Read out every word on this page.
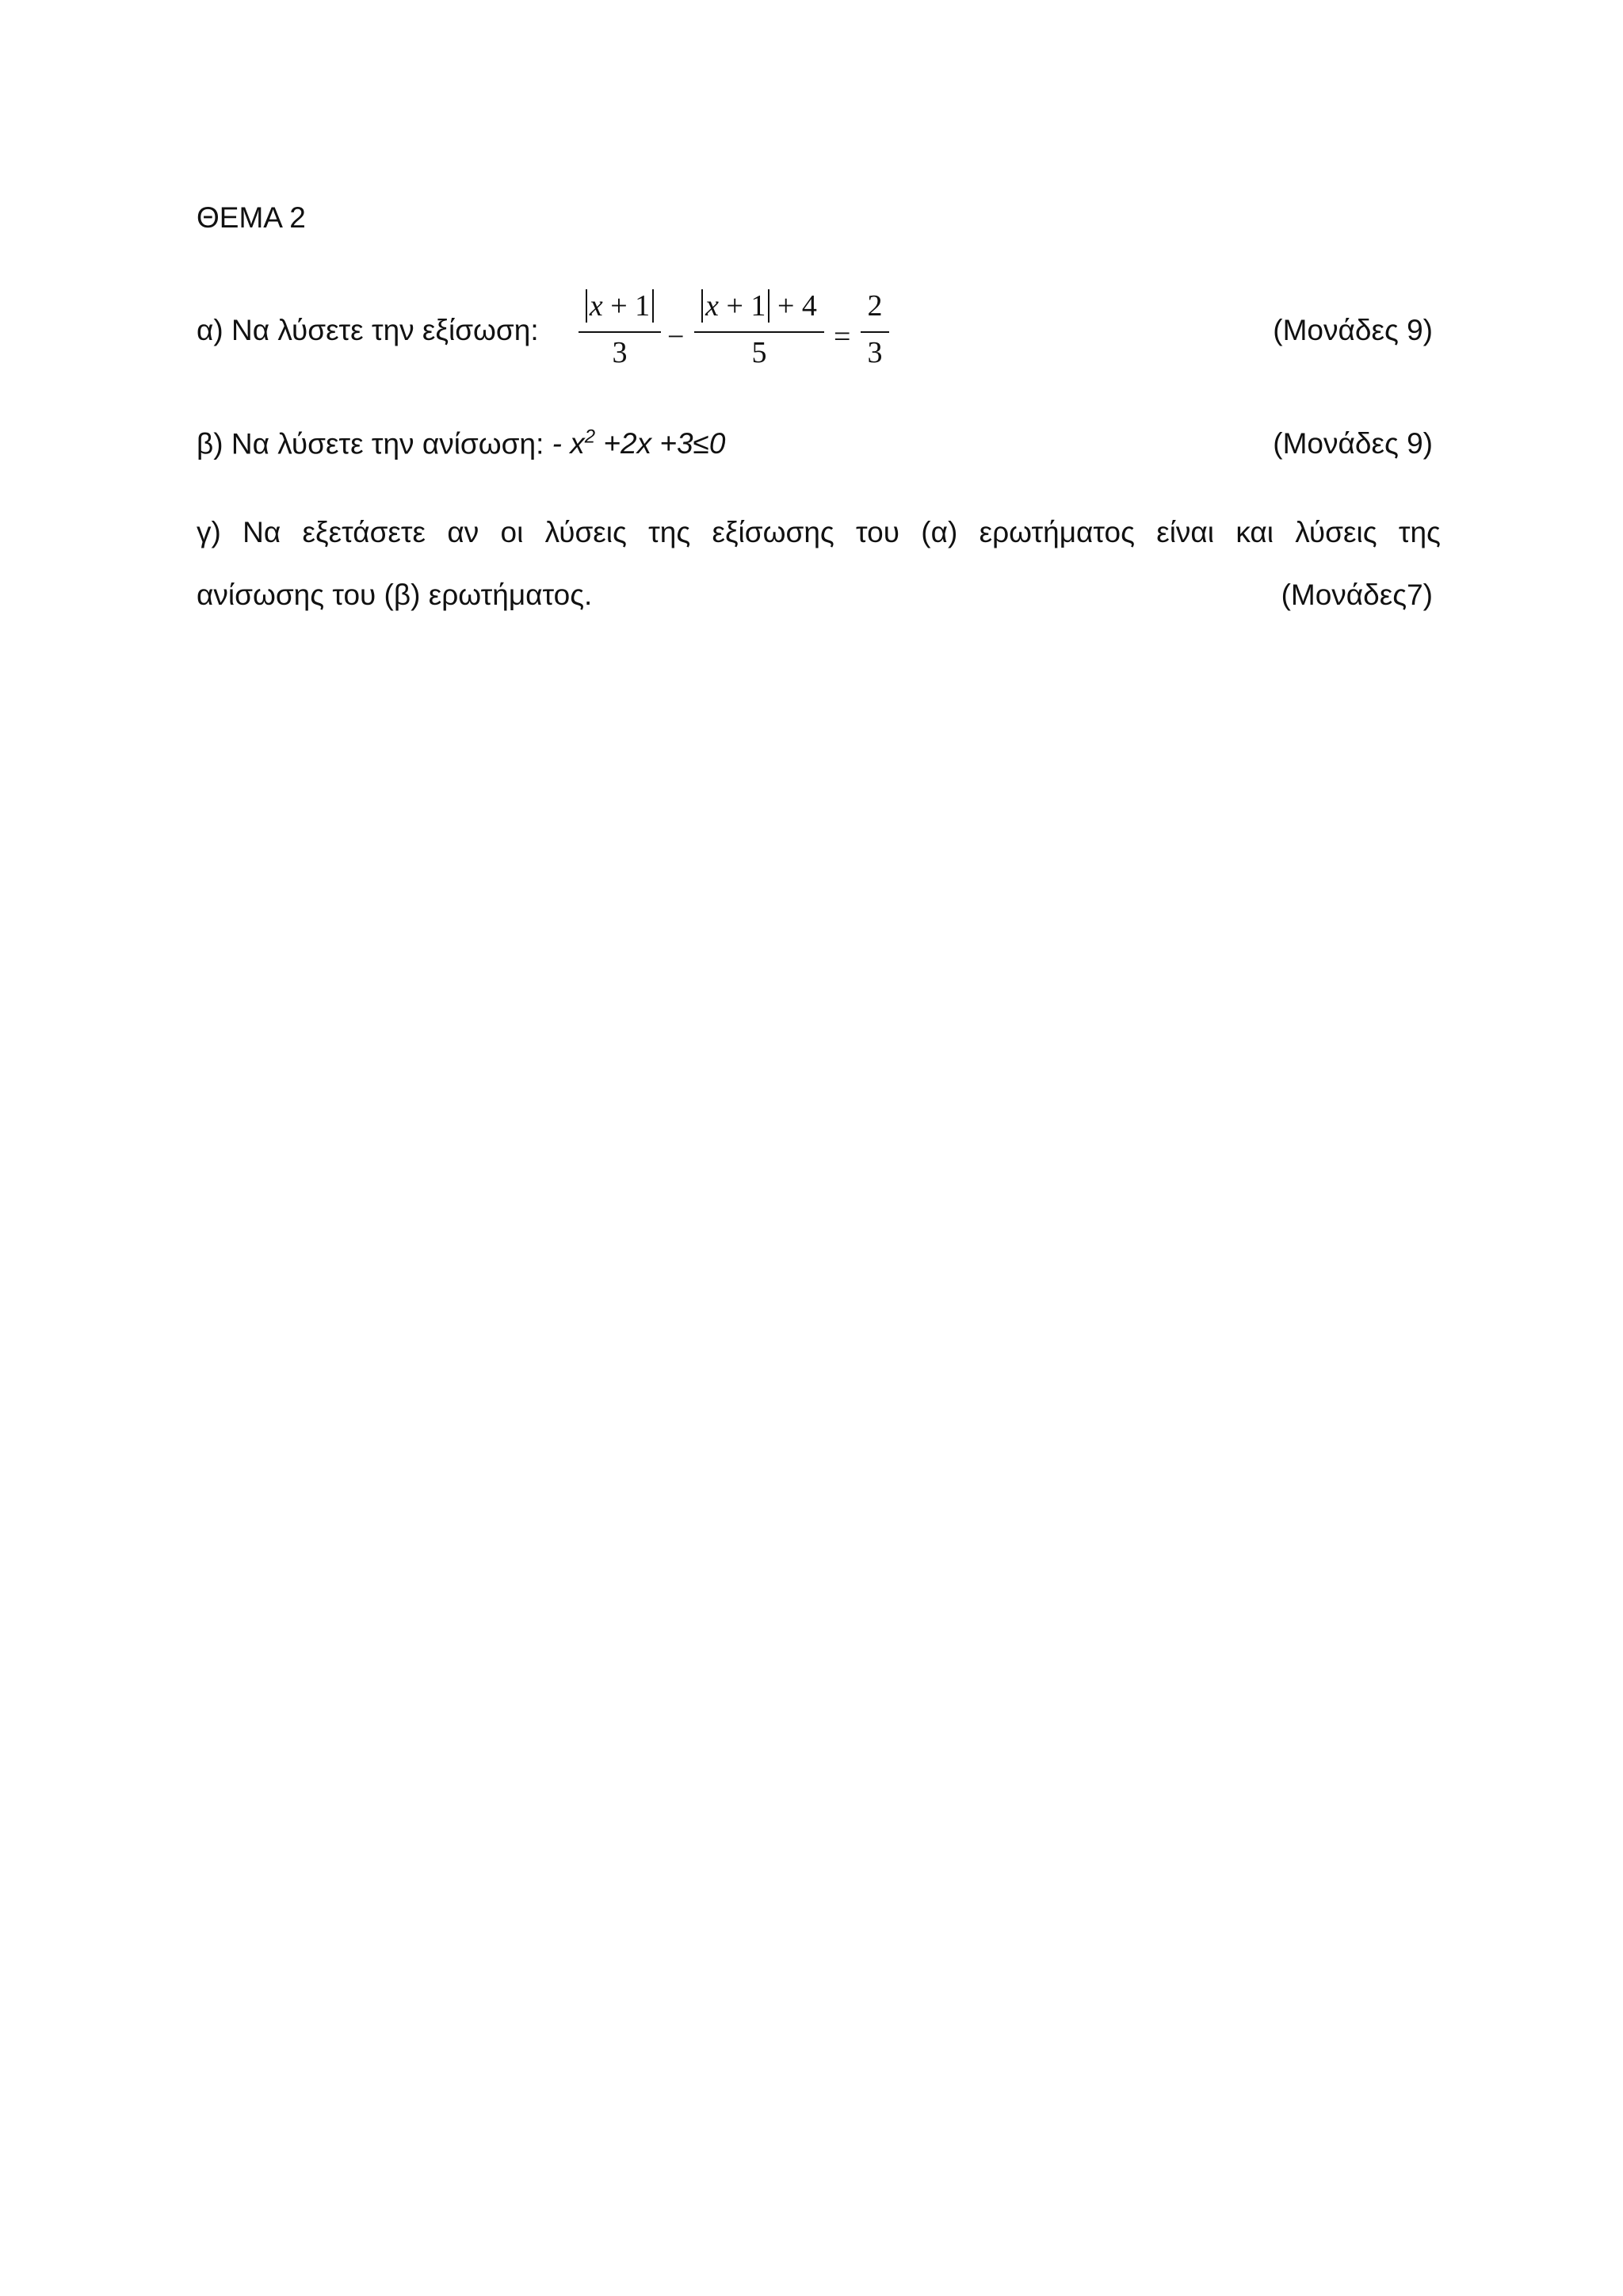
ΘΕΜΑ 2
α) Να λύσετε την εξίσωση:
x + 1
3	−
x + 1 + 4
5	=
2
3
(Μονάδες 9)
β) Να λύσετε την ανίσωση: - $x^2 +2x +3\le 0$	(Μονάδες 9)
γ) Να εξετάσετε αν οι λύσεις της εξίσωσης του (α) ερωτήματος είναι και λύσεις της
ανίσωσης του (β) ερωτήματος.	(Μονάδες7)
